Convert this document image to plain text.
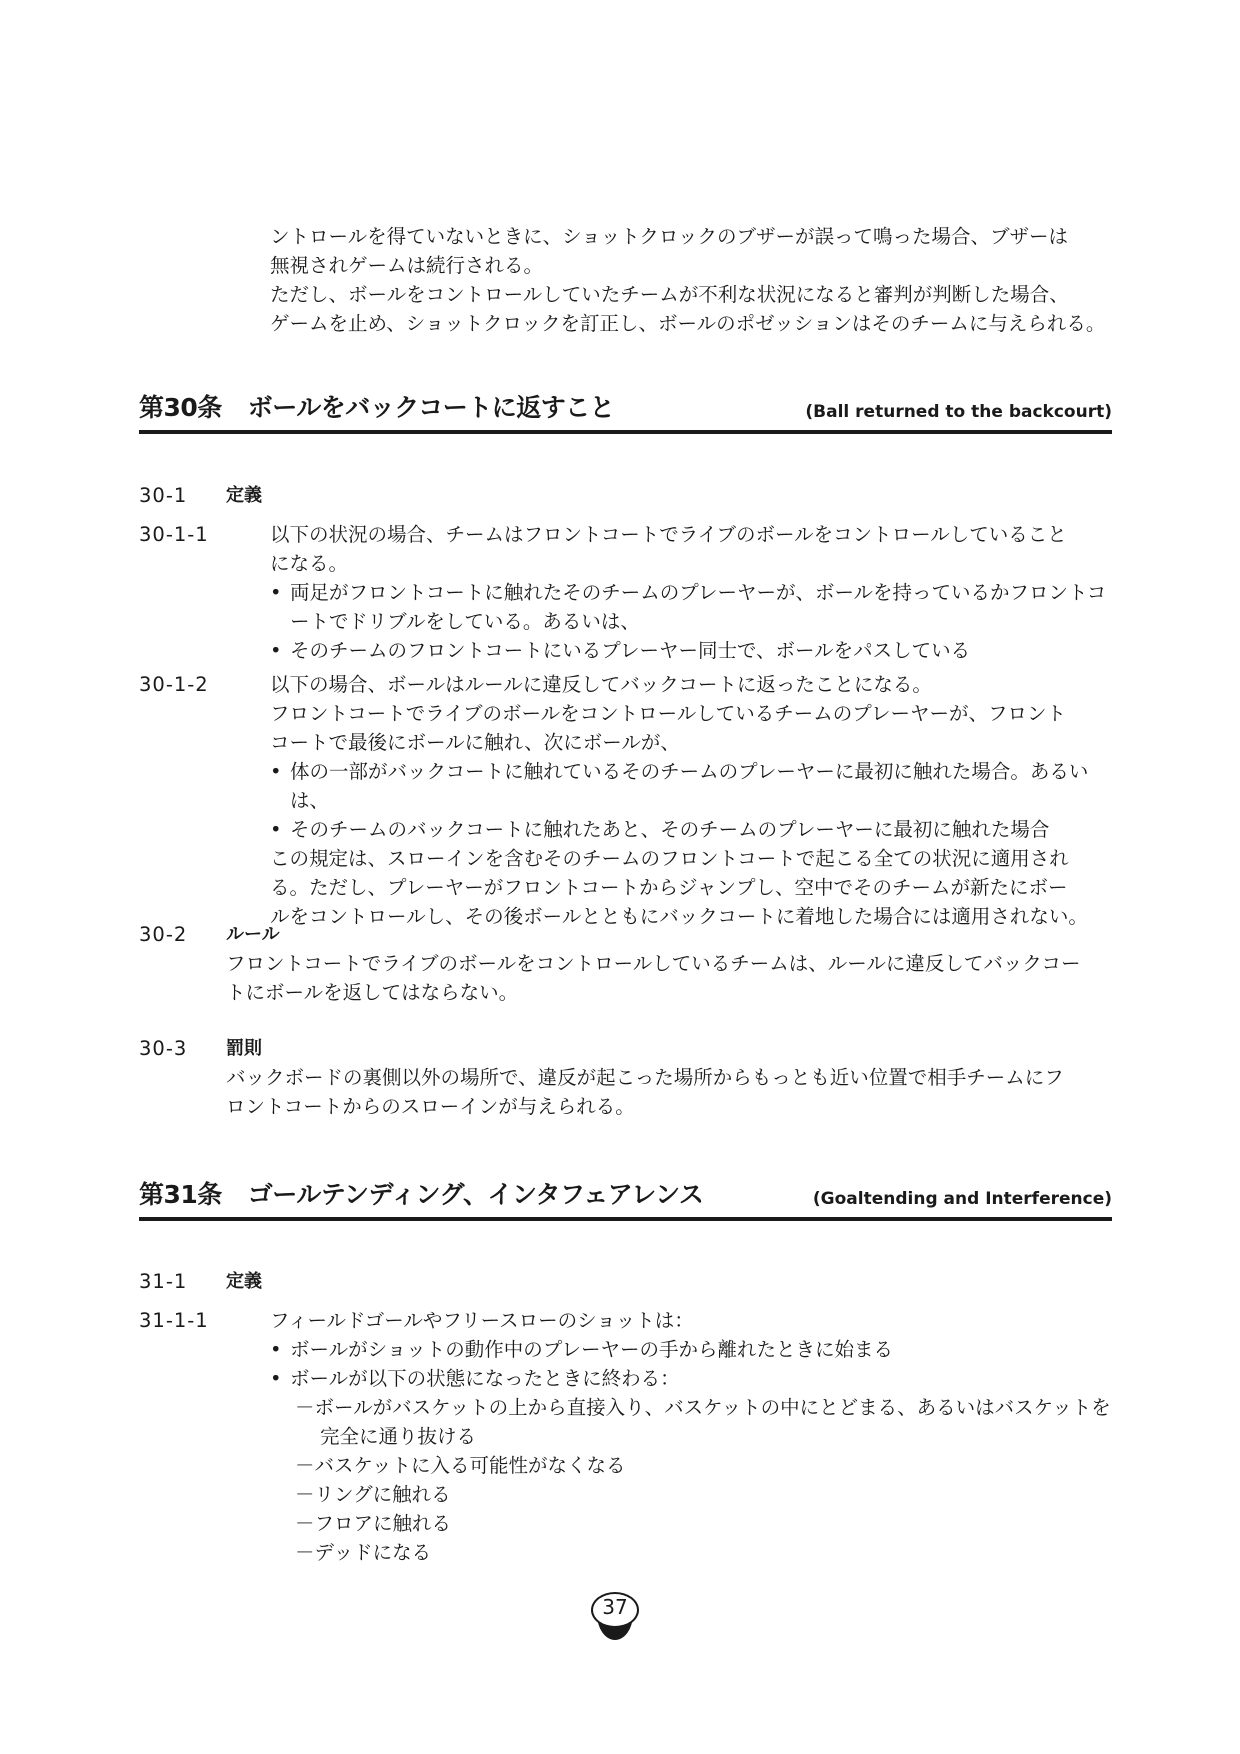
ントロールを得ていないときに、ショットクロックのブザーが誤って鳴った場合、ブザーは
無視されゲームは続行される。
ただし、ボールをコントロールしていたチームが不利な状況になると審判が判断した場合、
ゲームを止め、ショットクロックを訂正し、ボールのポゼッションはそのチームに与えられる。
第30条 ボールをバックコートに返すこと	(Ball returned to the backcourt)
30-1 定義
30-1-1	以下の状況の場合、チームはフロントコートでライブのボールをコントロールしていること
になる。
• 両足がフロントコートに触れたそのチームのプレーヤーが、ボールを持っているかフロントコートでドリブルをしている。あるいは、
• そのチームのフロントコートにいるプレーヤー同士で、ボールをパスしている
30-1-2	以下の場合、ボールはルールに違反してバックコートに返ったことになる。
フロントコートでライブのボールをコントロールしているチームのプレーヤーが、フロント
コートで最後にボールに触れ、次にボールが、
• 体の一部がバックコートに触れているそのチームのプレーヤーに最初に触れた場合。あるいは、
• そのチームのバックコートに触れたあと、そのチームのプレーヤーに最初に触れた場合
この規定は、スローインを含むそのチームのフロントコートで起こる全ての状況に適用され
る。ただし、プレーヤーがフロントコートからジャンプし、空中でそのチームが新たにボー
ルをコントロールし、その後ボールとともにバックコートに着地した場合には適用されない。
30-2 ルール
フロントコートでライブのボールをコントロールしているチームは、ルールに違反してバックコー
トにボールを返してはならない。
30-3 罰則
バックボードの裏側以外の場所で、違反が起こった場所からもっとも近い位置で相手チームにフ
ロントコートからのスローインが与えられる。
第31条 ゴールテンディング、インタフェアレンス	(Goaltending and Interference)
31-1 定義
31-1-1	フィールドゴールやフリースローのショットは：
• ボールがショットの動作中のプレーヤーの手から離れたときに始まる
• ボールが以下の状態になったときに終わる：
－ボールがバスケットの上から直接入り、バスケットの中にとどまる、あるいはバスケットを完全に通り抜ける
－バスケットに入る可能性がなくなる
－リングに触れる
－フロアに触れる
－デッドになる
37
